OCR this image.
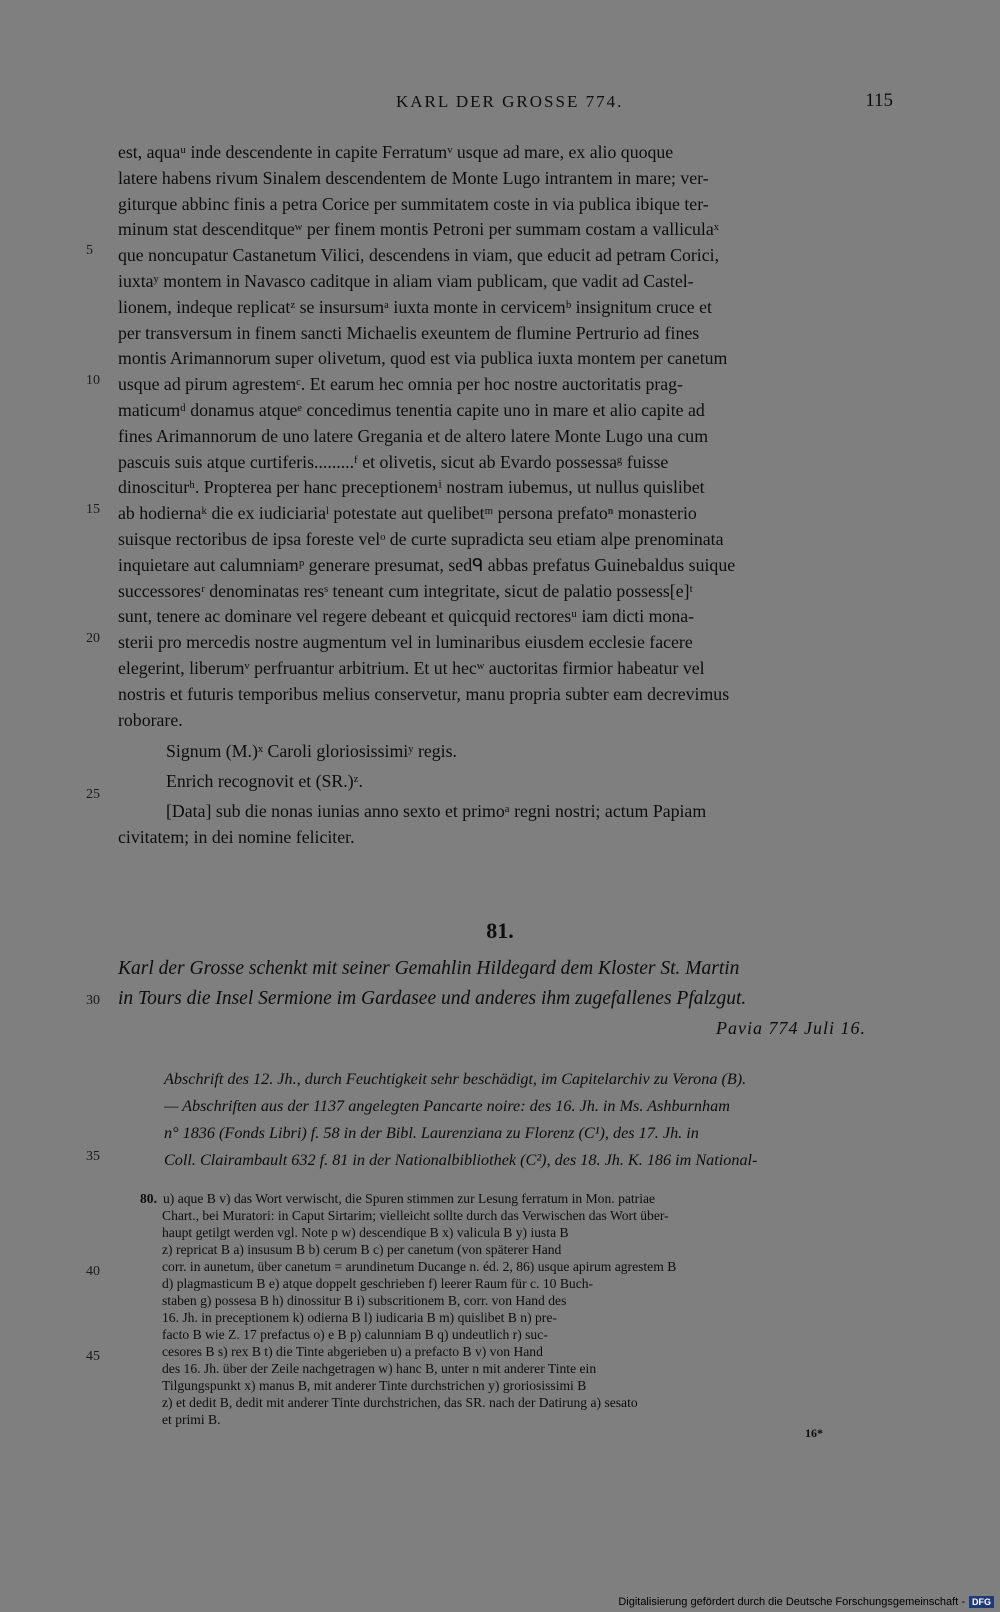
KARL DER GROSSE 774.	115
est, aquaᵘ inde descendente in capite Ferratumᵛ usque ad mare, ex alio quoque
latere habens rivum Sinalem descendentem de Monte Lugo intrantem in mare; ver-
giturque abbinc finis a petra Corice per summitatem coste in via publica ibique ter-
minum stat descenditqueʷ per finem montis Petroni per summam costam a valliculaˣ
que noncupatur Castanetum Vilici, descendens in viam, que educit ad petram Corici,
iuxtaʸ montem in Navasco caditque in aliam viam publicam, que vadit ad Castel-
lionem, indeque replicatᶻ se insursumᵃ iuxta monte in cervicemᵇ insignitum cruce et
per transversum in finem sancti Michaelis exeuntem de flumine Pertrurio ad fines
montis Arimannorum super olivetum, quod est via publica iuxta montem per canetum
usque ad pirum agrestemᶜ. Et earum hec omnia per hoc nostre auctoritatis prag-
maticumᵈ donamus atqueᵉ concedimus tenentia capite uno in mare et alio capite ad
fines Arimannorum de uno latere Gregania et de altero latere Monte Lugo una cum
pascuis suis atque curtiferis.........ᶠ et olivetis, sicut ab Evardo possessaᵍ fuisse
dinosciturʰ. Propterea per hanc preceptionemⁱ nostram iubemus, ut nullus quislibet
ab hodiernaᵏ die ex iudiciariaˡ potestate aut quelibetᵐ persona prefatoⁿ monasterio
suisque rectoribus de ipsa foreste velᵒ de curte supradicta seu etiam alpe prenominata
inquietare aut calumniamᵖ generare presumat, sedᑫ abbas prefatus Guinebaldus suique
successoresʳ denominatas resˢ teneant cum integritate, sicut de palatio possess[e]ᵗ
sunt, tenere ac dominare vel regere debeant et quicquid rectoresᵘ iam dicti mona-
sterii pro mercedis nostre augmentum vel in luminaribus eiusdem ecclesie facere
elegerint, liberumᵛ perfruantur arbitrium. Et ut hecʷ auctoritas firmior habeatur vel
nostris et futuris temporibus melius conservetur, manu propria subter eam decrevimus
roborare.
Signum (M.)ˣ Caroli gloriosissimiʸ regis.
Enrich recognovit et (SR.)ᶻ.
[Data] sub die nonas iunias anno sexto et primoᵃ regni nostri; actum Papiam
civitatem; in dei nomine feliciter.
5
10
15
20
25
30
35
40
45
81.
Karl der Grosse schenkt mit seiner Gemahlin Hildegard dem Kloster St. Martin
in Tours die Insel Sermione im Gardasee und anderes ihm zugefallenes Pfalzgut.
Pavia 774 Juli 16.
Abschrift des 12. Jh., durch Feuchtigkeit sehr beschädigt, im Capitelarchiv zu Verona (B).
— Abschriften aus der 1137 angelegten Pancarte noire: des 16. Jh. in Ms. Ashburnham
n° 1836 (Fonds Libri) f. 58 in der Bibl. Laurenziana zu Florenz (C¹), des 17. Jh. in
Coll. Clairambault 632 f. 81 in der Nationalbibliothek (C²), des 18. Jh. K. 186 im National-
80. u) aque B v) das Wort verwischt, die Spuren stimmen zur Lesung ferratum in Mon. patriae
Chart., bei Muratori: in Caput Sirtarim; vielleicht sollte durch das Verwischen das Wort über-
haupt getilgt werden vgl. Note p w) descendique B x) valicula B y) iusta B
z) repricat B a) insusum B b) cerum B c) per canetum (von späterer Hand
corr. in aunetum, über canetum = arundinetum Ducange n. éd. 2, 86) usque apirum agrestem B
d) plagmasticum B e) atque doppelt geschrieben f) leerer Raum für c. 10 Buch-
staben g) possesa B h) dinossitur B i) subscritionem B, corr. von Hand des
16. Jh. in preceptionem k) odierna B l) iudicaria B m) quislibet B n) pre-
facto B wie Z. 17 prefactus o) e B p) calunniam B q) undeutlich r) suc-
cesores B s) rex B t) die Tinte abgerieben u) a prefacto B v) von Hand
des 16. Jh. über der Zeile nachgetragen w) hanc B, unter n mit anderer Tinte ein
Tilgungspunkt x) manus B, mit anderer Tinte durchstrichen y) groriosissimi B
z) et dedit B, dedit mit anderer Tinte durchstrichen, das SR. nach der Datirung a) sesato
et primi B.
16*
Digitalisierung gefördert durch die Deutsche Forschungsgemeinschaft - DFG
